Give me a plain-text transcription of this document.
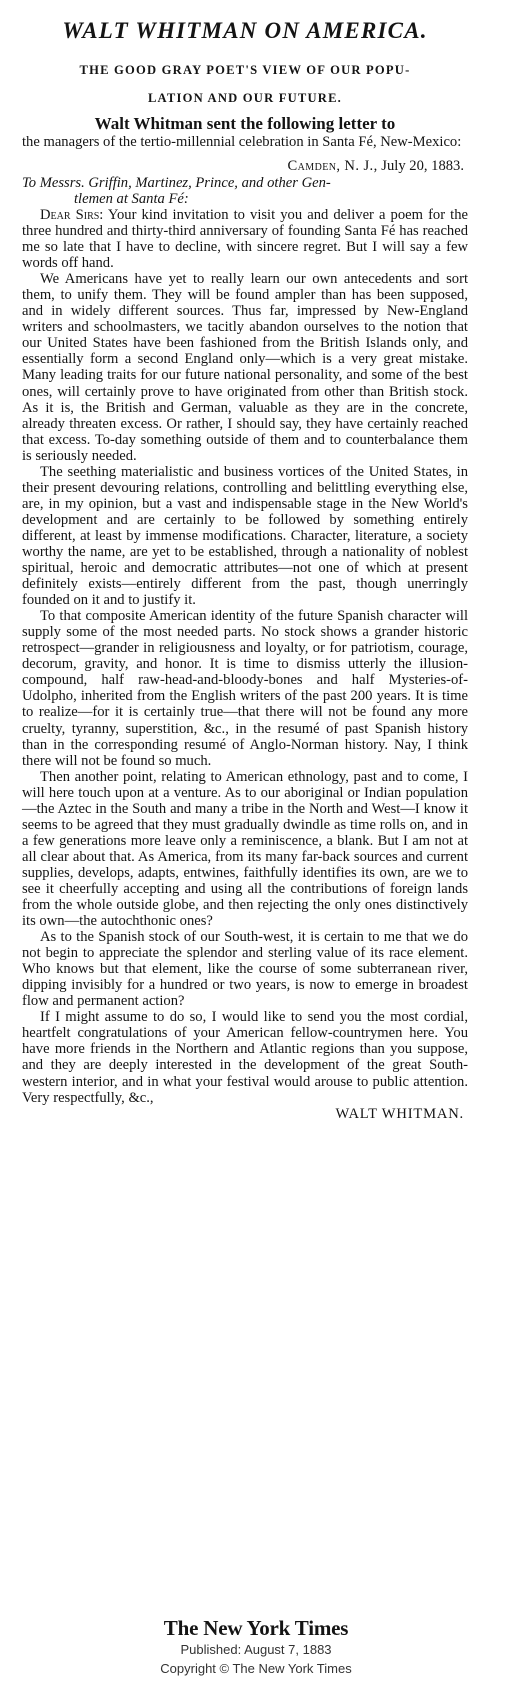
WALT WHITMAN ON AMERICA.

THE GOOD GRAY POET'S VIEW OF OUR POPU-
LATION AND OUR FUTURE.

Walt Whitman sent the following letter to

the managers of the tertio-millennial celebration in Santa Fé, New-Mexico:

Camden, N. J., July 20, 1883.

To Messrs. Griffin, Martinez, Prince, and other Gen-
tlemen at Santa Fé:

Dear Sirs: Your kind invitation to visit you and deliver a poem for the three hundred and thirty-third anniversary of founding Santa Fé has reached me so late that I have to decline, with sincere regret. But I will say a few words off hand.

We Americans have yet to really learn our own antecedents and sort them, to unify them. They will be found ampler than has been supposed, and in widely different sources. Thus far, impressed by New-England writers and schoolmasters, we tacitly abandon ourselves to the notion that our United States have been fashioned from the British Islands only, and essentially form a second England only—which is a very great mistake. Many leading traits for our future national personality, and some of the best ones, will certainly prove to have originated from other than British stock. As it is, the British and German, valuable as they are in the concrete, already threaten excess. Or rather, I should say, they have certainly reached that excess. To-day something outside of them and to counterbalance them is seriously needed.

The seething materialistic and business vortices of the United States, in their present devouring relations, controlling and belittling everything else, are, in my opinion, but a vast and indispensable stage in the New World's development and are certainly to be followed by something entirely different, at least by immense modifications. Character, literature, a society worthy the name, are yet to be established, through a nationality of noblest spiritual, heroic and democratic attributes—not one of which at present definitely exists—entirely different from the past, though unerringly founded on it and to justify it.

To that composite American identity of the future Spanish character will supply some of the most needed parts. No stock shows a grander historic retrospect—grander in religiousness and loyalty, or for patriotism, courage, decorum, gravity, and honor. It is time to dismiss utterly the illusion-compound, half raw-head-and-bloody-bones and half Mysteries-of-Udolpho, inherited from the English writers of the past 200 years. It is time to realize—for it is certainly true—that there will not be found any more cruelty, tyranny, superstition, &c., in the resumé of past Spanish history than in the corresponding resumé of Anglo-Norman history. Nay, I think there will not be found so much.

Then another point, relating to American ethnology, past and to come, I will here touch upon at a venture. As to our aboriginal or Indian population—the Aztec in the South and many a tribe in the North and West—I know it seems to be agreed that they must gradually dwindle as time rolls on, and in a few generations more leave only a reminiscence, a blank. But I am not at all clear about that. As America, from its many far-back sources and current supplies, develops, adapts, entwines, faithfully identifies its own, are we to see it cheerfully accepting and using all the contributions of foreign lands from the whole outside globe, and then rejecting the only ones distinctively its own—the autochthonic ones?

As to the Spanish stock of our South-west, it is certain to me that we do not begin to appreciate the splendor and sterling value of its race element. Who knows but that element, like the course of some subterranean river, dipping invisibly for a hundred or two years, is now to emerge in broadest flow and permanent action?

If I might assume to do so, I would like to send you the most cordial, heartfelt congratulations of your American fellow-countrymen here. You have more friends in the Northern and Atlantic regions than you suppose, and they are deeply interested in the development of the great South-western interior, and in what your festival would arouse to public attention. Very respectfully, &c.,

WALT WHITMAN.

The New York Times

Published: August 7, 1883

Copyright © The New York Times
